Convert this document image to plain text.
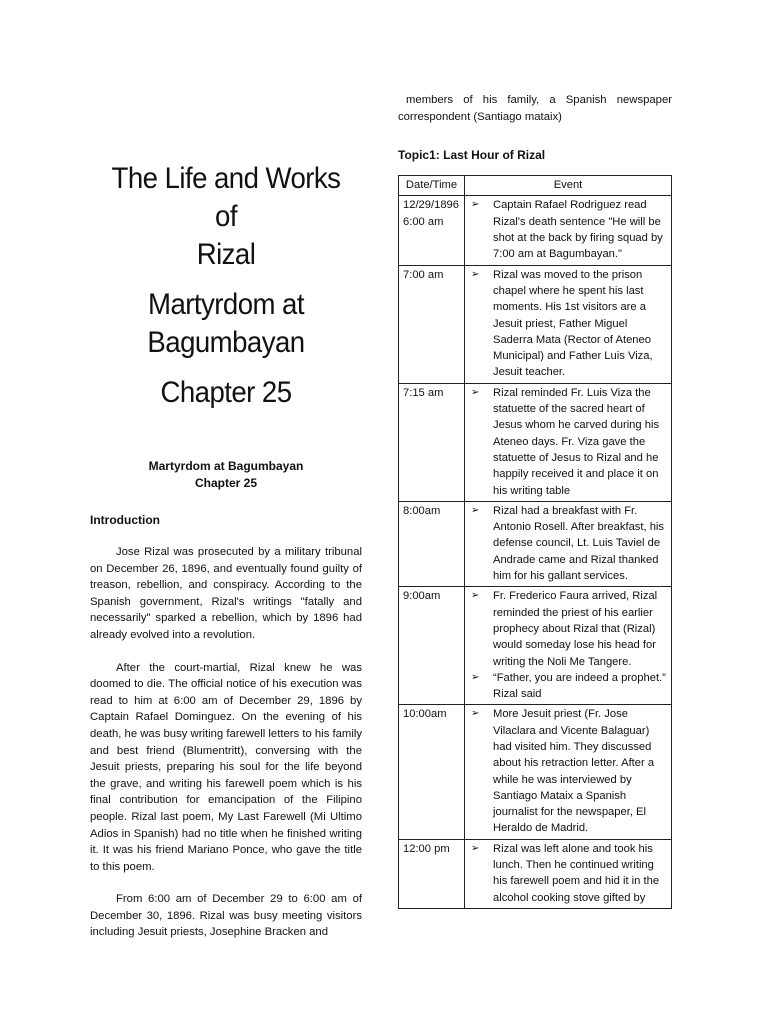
The Life and Works of
Rizal
Martyrdom at
Bagumbayan
Chapter 25
Martyrdom at Bagumbayan
Chapter 25
Introduction
Jose Rizal was prosecuted by a military tribunal on December 26, 1896, and eventually found guilty of treason, rebellion, and conspiracy. According to the Spanish government, Rizal's writings "fatally and necessarily" sparked a rebellion, which by 1896 had already evolved into a revolution.
After the court-martial, Rizal knew he was doomed to die. The official notice of his execution was read to him at 6:00 am of December 29, 1896 by Captain Rafael Dominguez. On the evening of his death, he was busy writing farewell letters to his family and best friend (Blumentritt), conversing with the Jesuit priests, preparing his soul for the life beyond the grave, and writing his farewell poem which is his final contribution for emancipation of the Filipino people. Rizal last poem, My Last Farewell (Mi Ultimo Adios in Spanish) had no title when he finished writing it. It was his friend Mariano Ponce, who gave the title to this poem.
From 6:00 am of December 29 to 6:00 am of December 30, 1896. Rizal was busy meeting visitors including Jesuit priests, Josephine Bracken and
members of his family, a Spanish newspaper correspondent (Santiago mataix)
Topic1: Last Hour of Rizal
Date/Time	Event
12/29/1896
6:00 am	➢ Captain Rafael Rodriguez read Rizal's death sentence "He will be shot at the back by firing squad by 7:00 am at Bagumbayan."

7:00 am	➢ Rizal was moved to the prison chapel where he spent his last moments. His 1st visitors are a Jesuit priest, Father Miguel Saderra Mata (Rector of Ateneo Municipal) and Father Luis Viza, Jesuit teacher.

7:15 am	➢ Rizal reminded Fr. Luis Viza the statuette of the sacred heart of Jesus whom he carved during his Ateneo days. Fr. Viza gave the statuette of Jesus to Rizal and he happily received it and place it on his writing table

8:00am	➢ Rizal had a breakfast with Fr. Antonio Rosell. After breakfast, his defense council, Lt. Luis Taviel de Andrade came and Rizal thanked him for his gallant services.

9:00am	➢ Fr. Frederico Faura arrived, Rizal reminded the priest of his earlier prophecy about Rizal that (Rizal) would someday lose his head for writing the Noli Me Tangere.
➢ “Father, you are indeed a prophet.” Rizal said

10:00am	➢ More Jesuit priest (Fr. Jose Vilaclara and Vicente Balaguar) had visited him. They discussed about his retraction letter. After a while he was interviewed by Santiago Mataix a Spanish journalist for the newspaper, El Heraldo de Madrid.

12:00 pm	➢ Rizal was left alone and took his lunch. Then he continued writing his farewell poem and hid it in the alcohol cooking stove gifted by
